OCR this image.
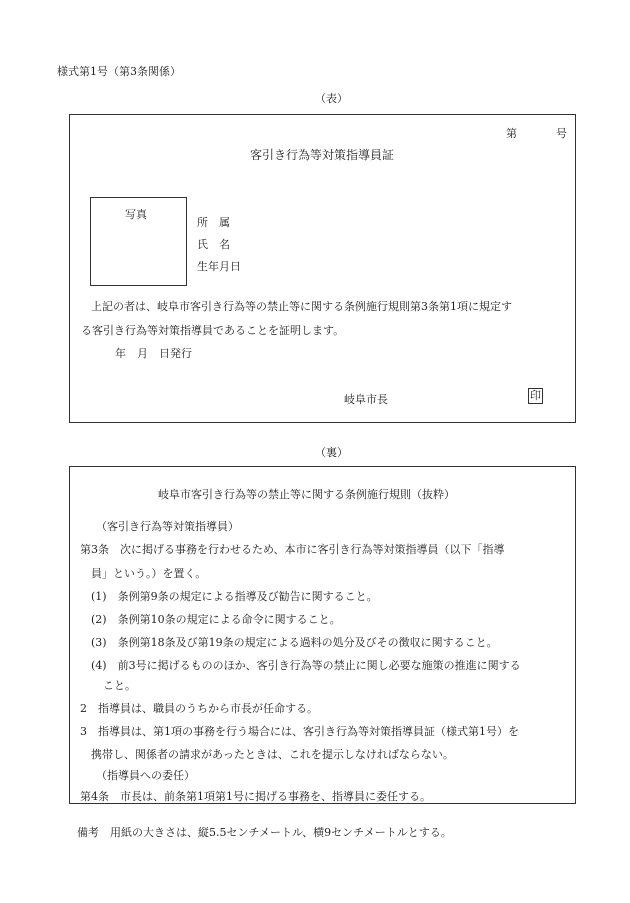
様式第1号（第3条関係）
（表）
第	号
客引き行為等対策指導員証
写真
所　属
氏　名
生年月日
上記の者は、岐阜市客引き行為等の禁止等に関する条例施行規則第3条第1項に規定す
る客引き行為等対策指導員であることを証明します。
年　月　日発行
岐阜市長	印
（裏）
岐阜市客引き行為等の禁止等に関する条例施行規則（抜粋）
（客引き行為等対策指導員）
第3条　次に掲げる事務を行わせるため、本市に客引き行為等対策指導員（以下「指導
員」という。）を置く。
(1)　条例第9条の規定による指導及び勧告に関すること。
(2)　条例第10条の規定による命令に関すること。
(3)　条例第18条及び第19条の規定による過料の処分及びその徴収に関すること。
(4)　前3号に掲げるもののほか、客引き行為等の禁止に関し必要な施策の推進に関する
こと。
2　指導員は、職員のうちから市長が任命する。
3　指導員は、第1項の事務を行う場合には、客引き行為等対策指導員証（様式第1号）を
携帯し、関係者の請求があったときは、これを提示しなければならない。
（指導員への委任）
第4条　市長は、前条第1項第1号に掲げる事務を、指導員に委任する。
備考　用紙の大きさは、縦5.5センチメートル、横9センチメートルとする。
